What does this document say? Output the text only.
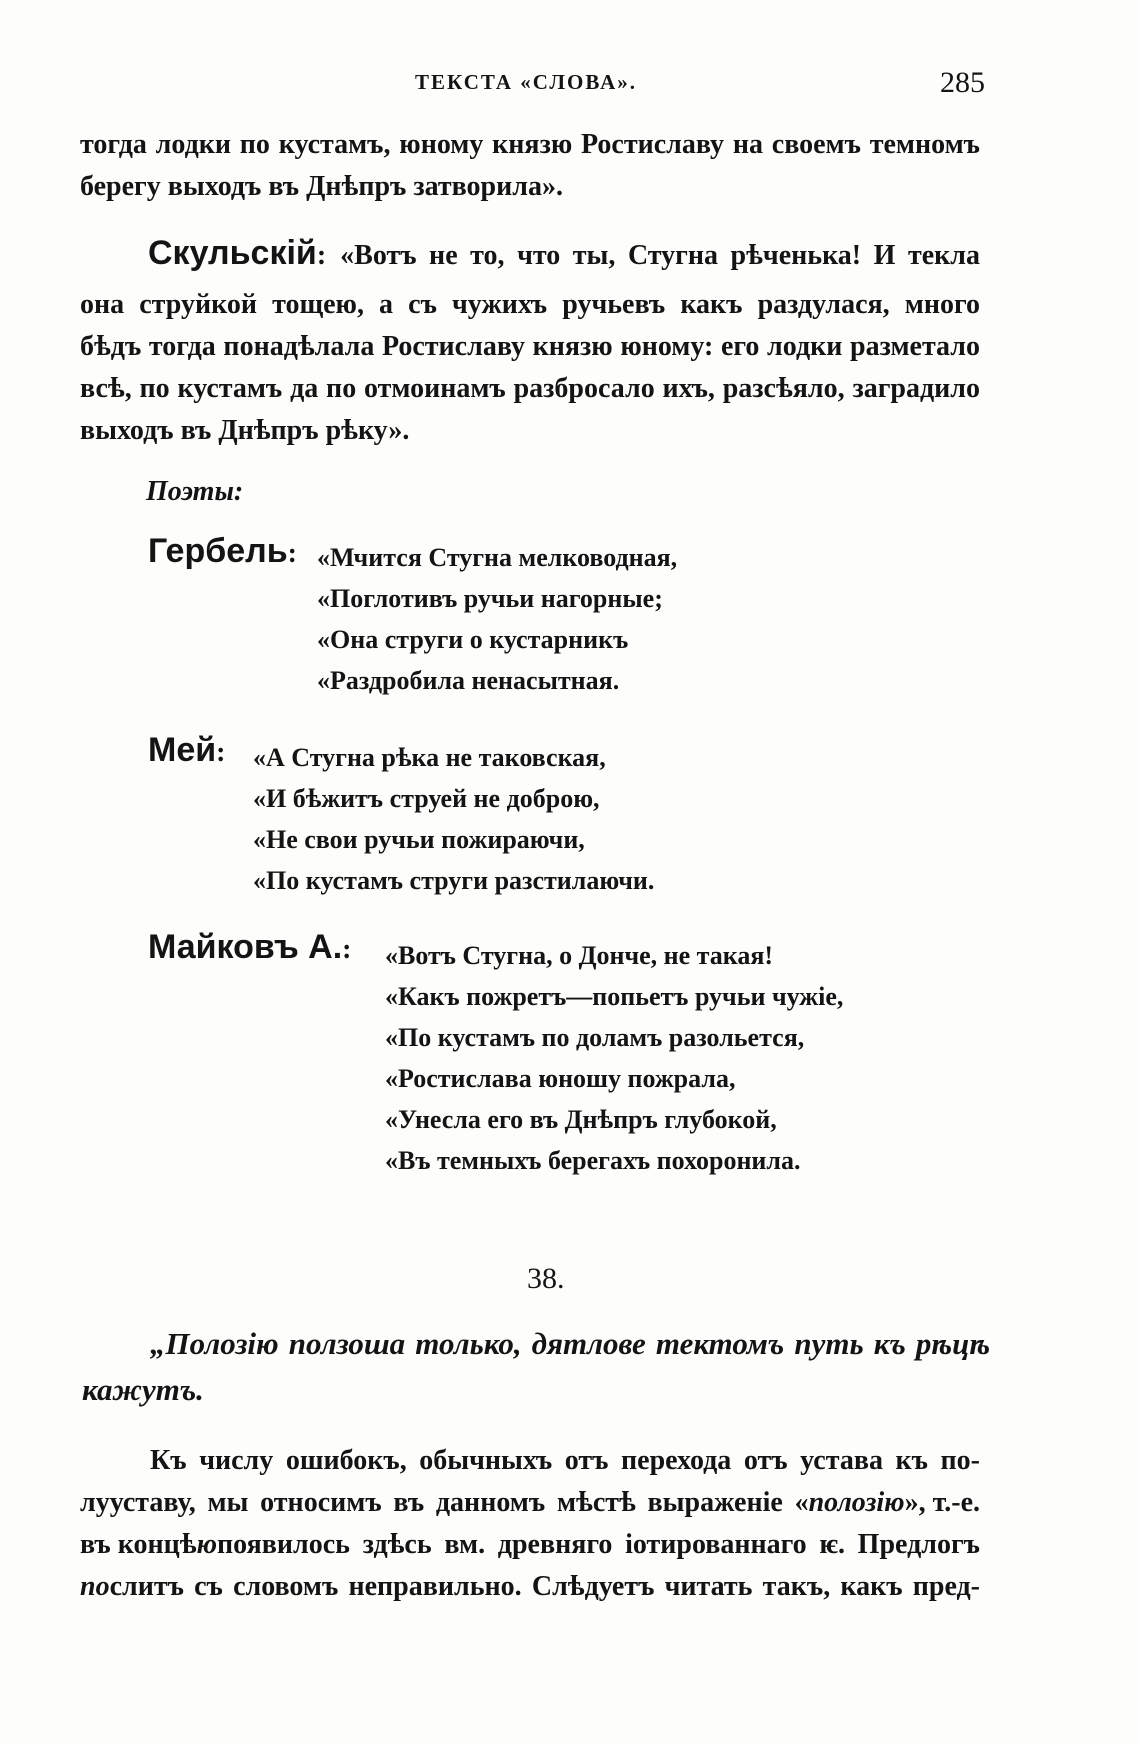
ТЕКСТА «СЛОВА».	285
тогда лодки по кустамъ, юному князю Ростиславу на своемъ темномъ
берегу выходъ въ Днѣпръ затворила».
Скульскій : «Вотъ не то, что ты, Стугна рѣченька! И текла
она струйкой тощею, а съ чужихъ ручьевъ какъ раздулася, много
бѣдъ тогда понадѣлала Ростиславу князю юному: его лодки разметало
всѣ, по кустамъ да по отмоинамъ разбросало ихъ, разсѣяло, заградило
выходъ въ Днѣпръ рѣку».
Поэты:
Гербель: «Мчится Стугна мелководная,
«Поглотивъ ручьи нагорные;
«Она струги о кустарникъ
«Раздробила ненасытная.
Мей: «А Стугна рѣка не таковская,
«И бѣжитъ струей не доброю,
«Не свои ручьи пожираючи,
«По кустамъ струги разстилаючи.
Майковъ А.: «Вотъ Стугна, о Донче, не такая!
«Какъ пожретъ—попьетъ ручьи чужіе,
«По кустамъ по доламъ разольется,
«Ростислава юношу пожрала,
«Унесла его въ Днѣпръ глубокой,
«Въ темныхъ берегахъ похоронила.
38.
„Полозію ползоша только, дятлове тектомъ путь къ рѣцѣ
кажутъ.
Къ числу ошибокъ, обычныхъ отъ перехода отъ устава къ по-
лууставу, мы относимъ въ данномъ мѣстѣ выраженіе « полозію », т.-е.
въ концѣ ю появилось здѣсь вм. древняго іотированнаго ѥ. Предлогъ
по слитъ съ словомъ неправильно. Слѣдуетъ читать такъ, какъ пред-
